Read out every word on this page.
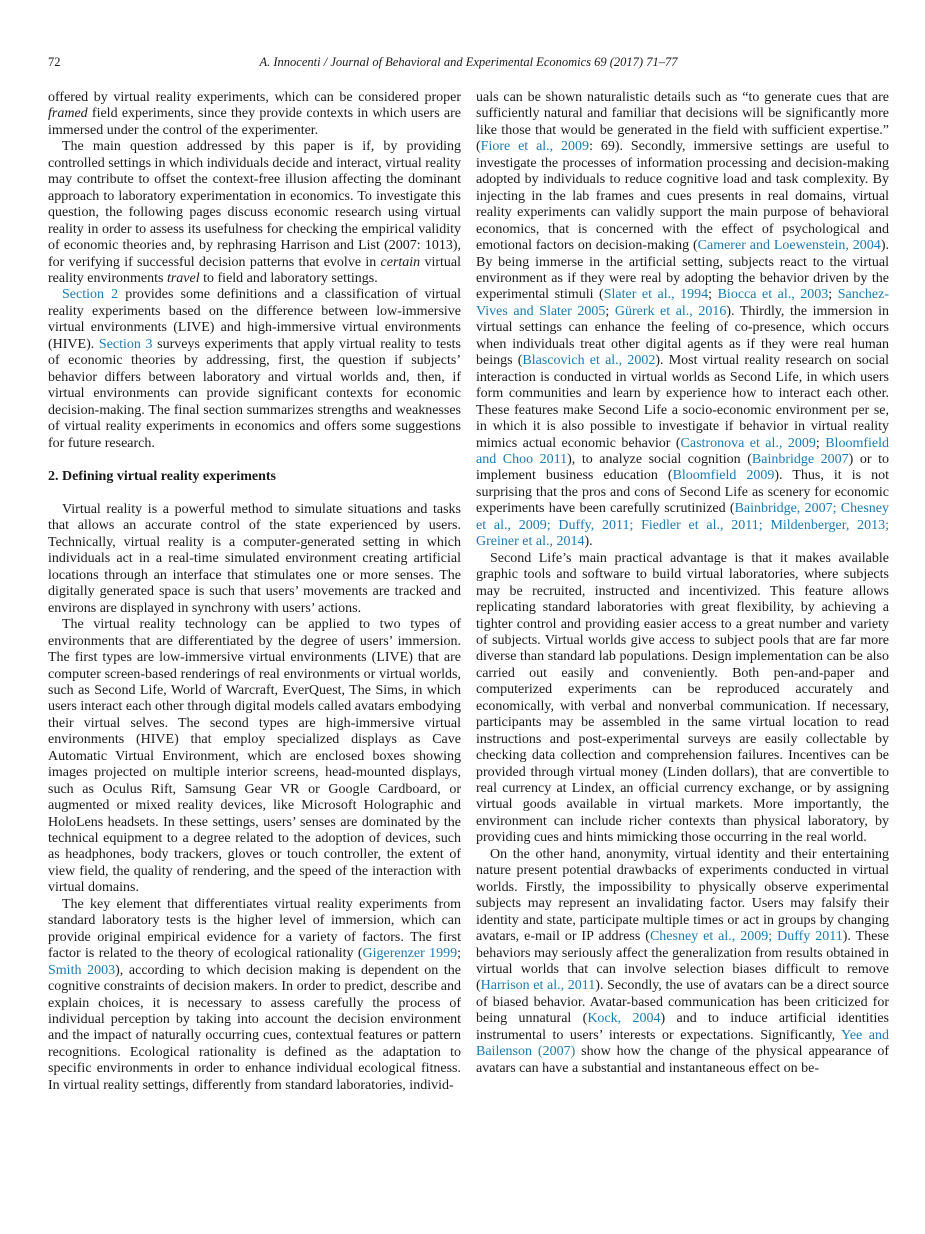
72	A. Innocenti / Journal of Behavioral and Experimental Economics 69 (2017) 71–77

offered by virtual reality experiments, which can be considered proper framed field experiments, since they provide contexts in which users are immersed under the control of the experimenter.

The main question addressed by this paper is if, by providing controlled settings in which individuals decide and interact, virtual reality may contribute to offset the context-free illusion affecting the dominant approach to laboratory experimentation in economics. To investigate this question, the following pages discuss economic research using virtual reality in order to assess its usefulness for checking the empirical validity of economic theories and, by rephrasing Harrison and List (2007: 1013), for verifying if successful decision patterns that evolve in certain virtual reality environments travel to field and laboratory settings.

Section 2 provides some definitions and a classification of virtual reality experiments based on the difference between low-immersive virtual environments (LIVE) and high-immersive virtual environments (HIVE). Section 3 surveys experiments that apply virtual reality to tests of economic theories by addressing, first, the question if subjects’ behavior differs between laboratory and virtual worlds and, then, if virtual environments can provide significant contexts for economic decision-making. The final section summarizes strengths and weaknesses of virtual reality experiments in economics and offers some suggestions for future research.

2. Defining virtual reality experiments

Virtual reality is a powerful method to simulate situations and tasks that allows an accurate control of the state experienced by users. Technically, virtual reality is a computer-generated setting in which individuals act in a real-time simulated environment creating artificial locations through an interface that stimulates one or more senses. The digitally generated space is such that users’ movements are tracked and environs are displayed in synchrony with users’ actions.

The virtual reality technology can be applied to two types of environments that are differentiated by the degree of users’ immersion. The first types are low-immersive virtual environments (LIVE) that are computer screen-based renderings of real environments or virtual worlds, such as Second Life, World of Warcraft, EverQuest, The Sims, in which users interact each other through digital models called avatars embodying their virtual selves. The second types are high-immersive virtual environments (HIVE) that employ specialized displays as Cave Automatic Virtual Environment, which are enclosed boxes showing images projected on multiple interior screens, head-mounted displays, such as Oculus Rift, Samsung Gear VR or Google Cardboard, or augmented or mixed reality devices, like Microsoft Holographic and HoloLens headsets. In these settings, users’ senses are dominated by the technical equipment to a degree related to the adoption of devices, such as headphones, body trackers, gloves or touch controller, the extent of view field, the quality of rendering, and the speed of the interaction with virtual domains.

The key element that differentiates virtual reality experiments from standard laboratory tests is the higher level of immersion, which can provide original empirical evidence for a variety of factors. The first factor is related to the theory of ecological rationality (Gigerenzer 1999; Smith 2003), according to which decision making is dependent on the cognitive constraints of decision makers. In order to predict, describe and explain choices, it is necessary to assess carefully the process of individual perception by taking into account the decision environment and the impact of naturally occurring cues, contextual features or pattern recognitions. Ecological rationality is defined as the adaptation to specific environments in order to enhance individual ecological fitness. In virtual reality settings, differently from standard laboratories, individ-

uals can be shown naturalistic details such as “to generate cues that are sufficiently natural and familiar that decisions will be significantly more like those that would be generated in the field with sufficient expertise.” (Fiore et al., 2009: 69). Secondly, immersive settings are useful to investigate the processes of information processing and decision-making adopted by individuals to reduce cognitive load and task complexity. By injecting in the lab frames and cues presents in real domains, virtual reality experiments can validly support the main purpose of behavioral economics, that is concerned with the effect of psychological and emotional factors on decision-making (Camerer and Loewenstein, 2004). By being immerse in the artificial setting, subjects react to the virtual environment as if they were real by adopting the behavior driven by the experimental stimuli (Slater et al., 1994; Biocca et al., 2003; Sanchez-Vives and Slater 2005; Gürerk et al., 2016). Thirdly, the immersion in virtual settings can enhance the feeling of co-presence, which occurs when individuals treat other digital agents as if they were real human beings (Blascovich et al., 2002). Most virtual reality research on social interaction is conducted in virtual worlds as Second Life, in which users form communities and learn by experience how to interact each other. These features make Second Life a socio-economic environment per se, in which it is also possible to investigate if behavior in virtual reality mimics actual economic behavior (Castronova et al., 2009; Bloomfield and Choo 2011), to analyze social cognition (Bainbridge 2007) or to implement business education (Bloomfield 2009). Thus, it is not surprising that the pros and cons of Second Life as scenery for economic experiments have been carefully scrutinized (Bainbridge, 2007; Chesney et al., 2009; Duffy, 2011; Fiedler et al., 2011; Mildenberger, 2013; Greiner et al., 2014).

Second Life’s main practical advantage is that it makes available graphic tools and software to build virtual laboratories, where subjects may be recruited, instructed and incentivized. This feature allows replicating standard laboratories with great flexibility, by achieving a tighter control and providing easier access to a great number and variety of subjects. Virtual worlds give access to subject pools that are far more diverse than standard lab populations. Design implementation can be also carried out easily and conveniently. Both pen-and-paper and computerized experiments can be reproduced accurately and economically, with verbal and nonverbal communication. If necessary, participants may be assembled in the same virtual location to read instructions and post-experimental surveys are easily collectable by checking data collection and comprehension failures. Incentives can be provided through virtual money (Linden dollars), that are convertible to real currency at Lindex, an official currency exchange, or by assigning virtual goods available in virtual markets. More importantly, the environment can include richer contexts than physical laboratory, by providing cues and hints mimicking those occurring in the real world.

On the other hand, anonymity, virtual identity and their entertaining nature present potential drawbacks of experiments conducted in virtual worlds. Firstly, the impossibility to physically observe experimental subjects may represent an invalidating factor. Users may falsify their identity and state, participate multiple times or act in groups by changing avatars, e-mail or IP address (Chesney et al., 2009; Duffy 2011). These behaviors may seriously affect the generalization from results obtained in virtual worlds that can involve selection biases difficult to remove (Harrison et al., 2011). Secondly, the use of avatars can be a direct source of biased behavior. Avatar-based communication has been criticized for being unnatural (Kock, 2004) and to induce artificial identities instrumental to users’ interests or expectations. Significantly, Yee and Bailenson (2007) show how the change of the physical appearance of avatars can have a substantial and instantaneous effect on be-
